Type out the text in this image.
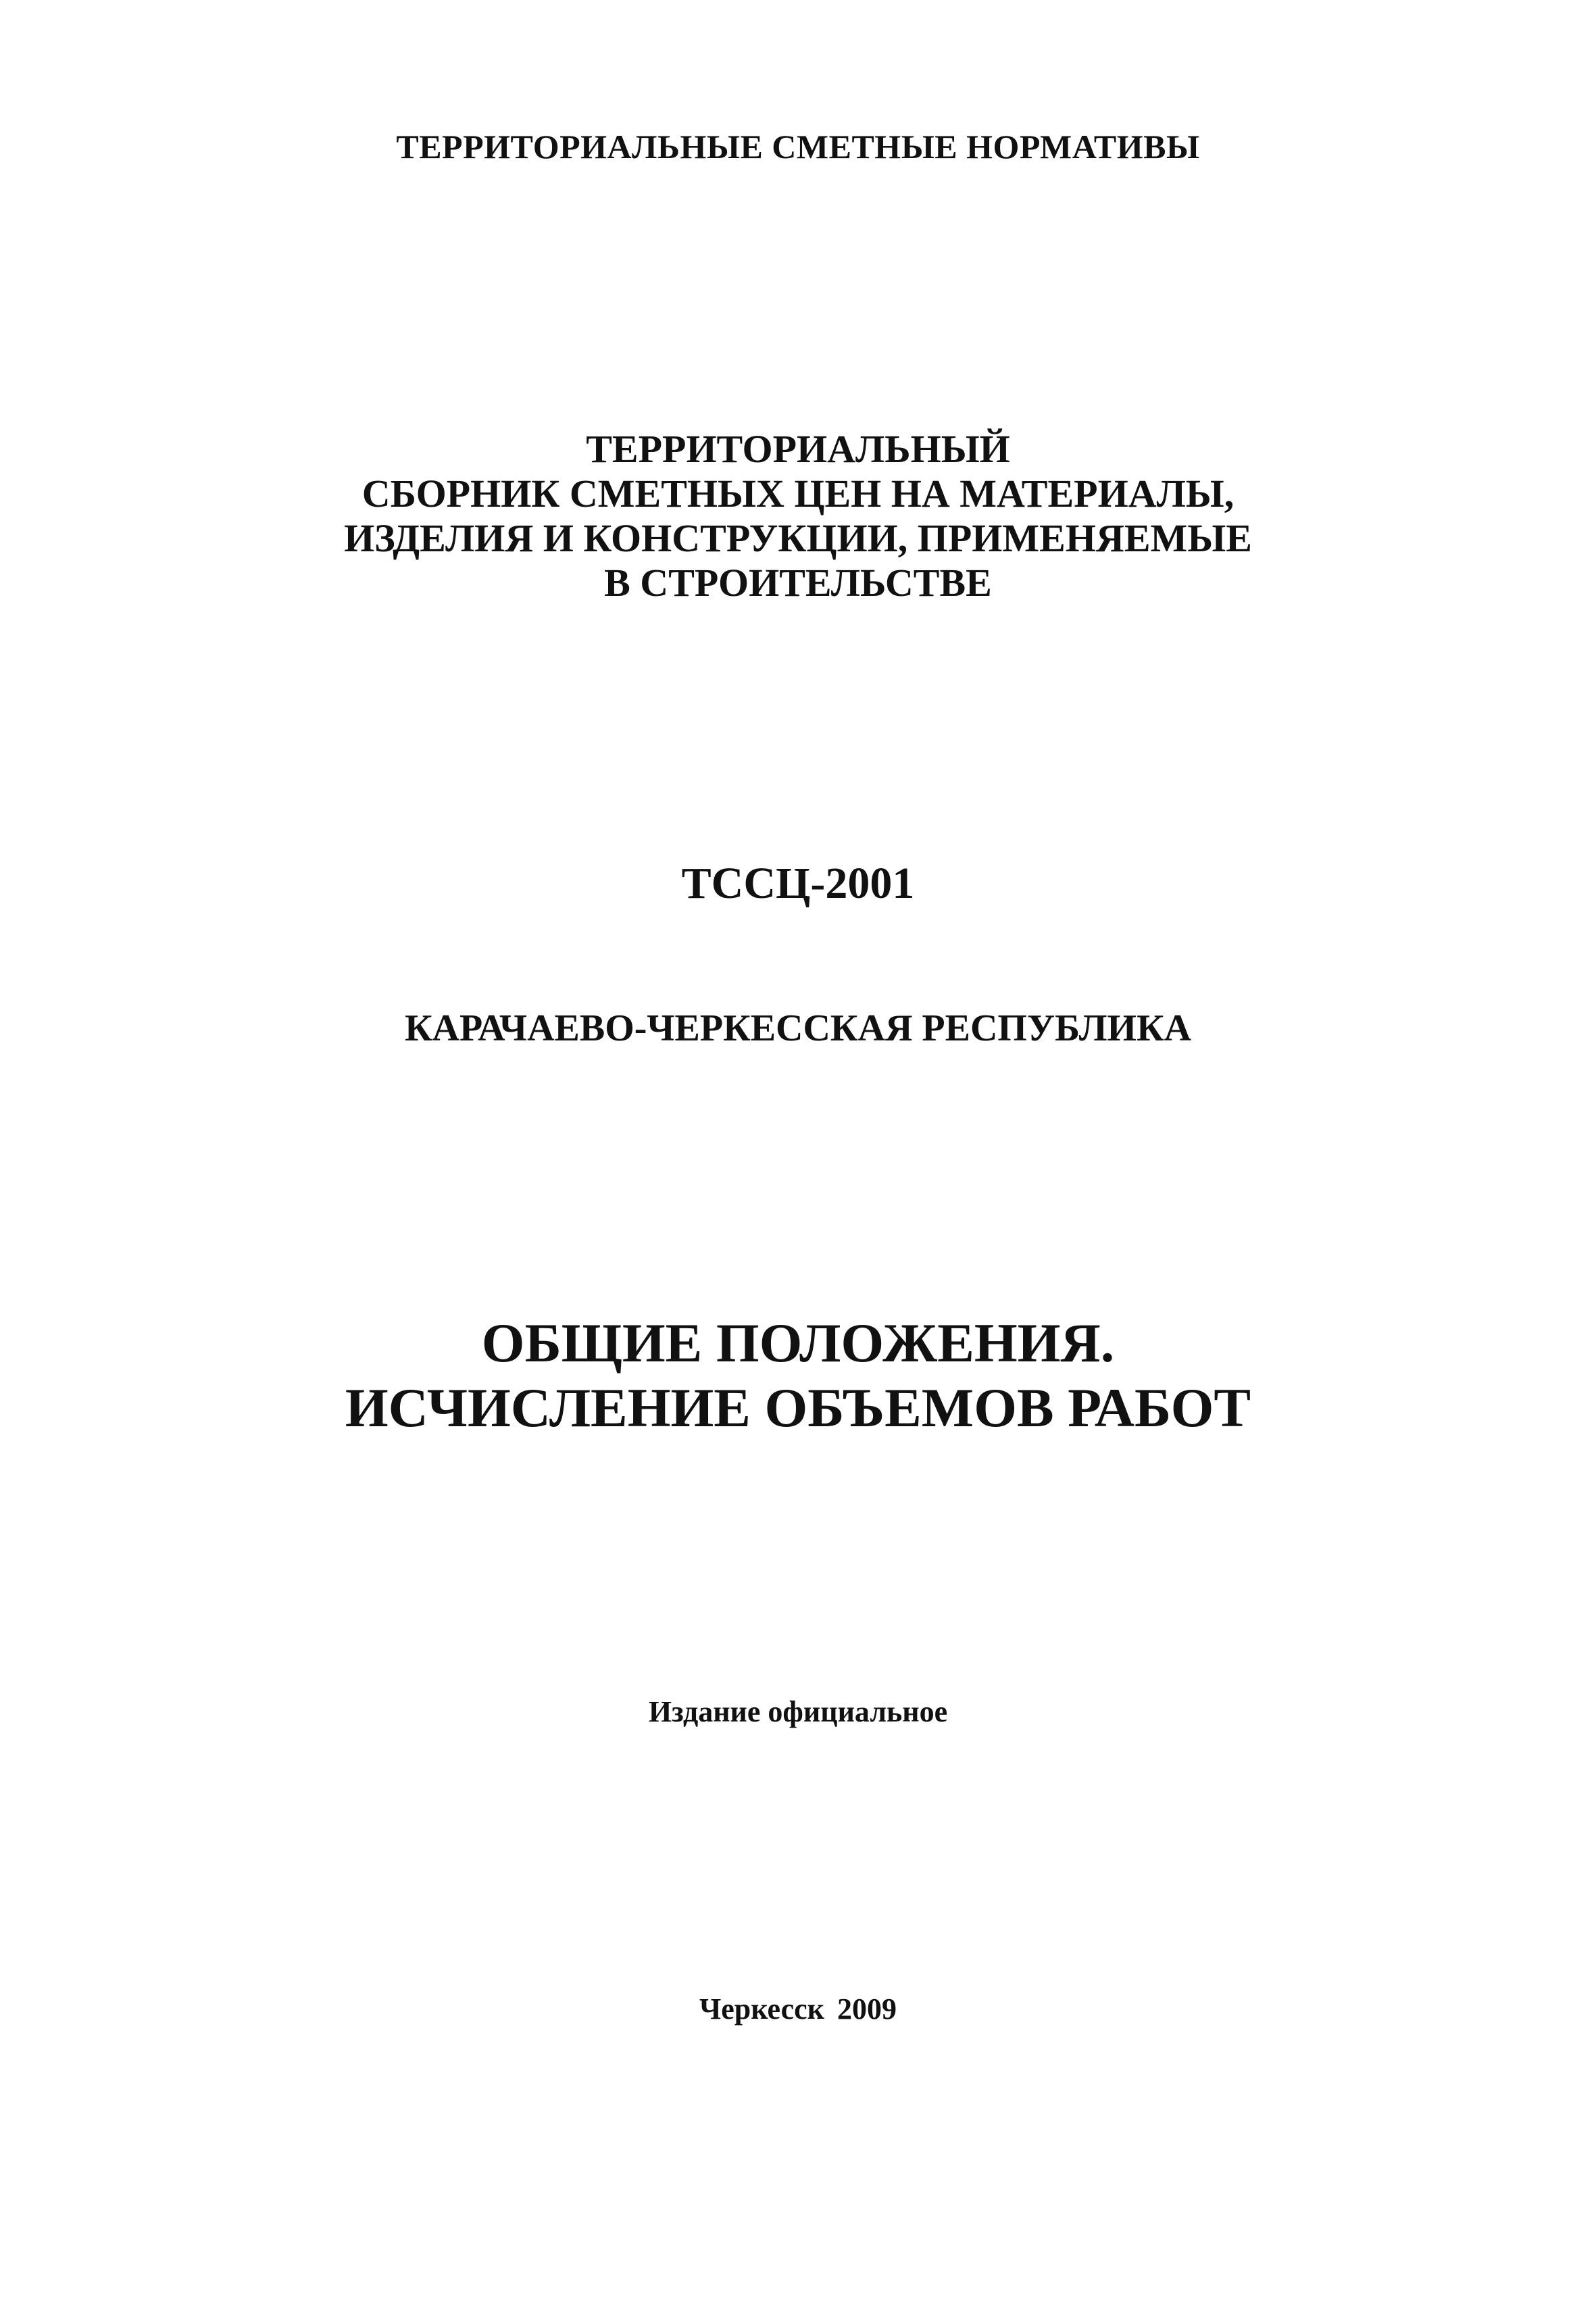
ТЕРРИТОРИАЛЬНЫЕ СМЕТНЫЕ НОРМАТИВЫ
ТЕРРИТОРИАЛЬНЫЙ
СБОРНИК СМЕТНЫХ ЦЕН НА МАТЕРИАЛЫ,
ИЗДЕЛИЯ И КОНСТРУКЦИИ, ПРИМЕНЯЕМЫЕ
В СТРОИТЕЛЬСТВЕ
ТССЦ-2001
КАРАЧАЕВО-ЧЕРКЕССКАЯ РЕСПУБЛИКА
ОБЩИЕ ПОЛОЖЕНИЯ.
ИСЧИСЛЕНИЕ ОБЪЕМОВ РАБОТ
Издание официальное
Черкесск 2009
